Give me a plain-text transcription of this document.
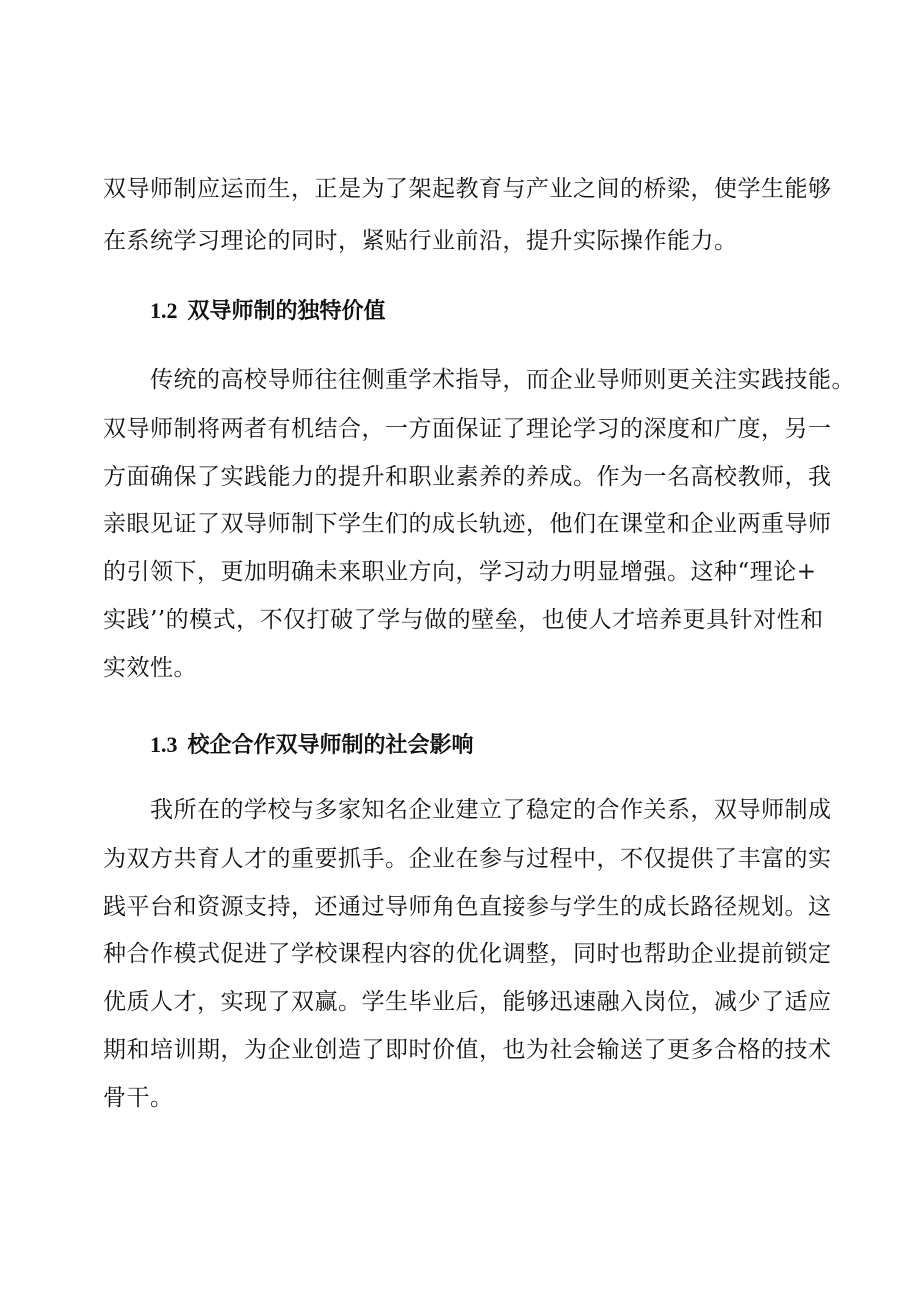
双导师制应运而生，正是为了架起教育与产业之间的桥梁，使学生能够

在系统学习理论的同时，紧贴行业前沿，提升实际操作能力。

1.2 双导师制的独特价值

传统的高校导师往往侧重学术指导，而企业导师则更关注实践技能。

双导师制将两者有机结合，一方面保证了理论学习的深度和广度，另一

方面确保了实践能力的提升和职业素养的养成。作为一名高校教师，我

亲眼见证了双导师制下学生们的成长轨迹，他们在课堂和企业两重导师

的引领下，更加明确未来职业方向，学习动力明显增强。这种“理论+

实践’’的模式，不仅打破了学与做的壁垒，也使人才培养更具针对性和

实效性。

1.3 校企合作双导师制的社会影响

我所在的学校与多家知名企业建立了稳定的合作关系，双导师制成

为双方共育人才的重要抓手。企业在参与过程中，不仅提供了丰富的实

践平台和资源支持，还通过导师角色直接参与学生的成长路径规划。这

种合作模式促进了学校课程内容的优化调整，同时也帮助企业提前锁定

优质人才，实现了双赢。学生毕业后，能够迅速融入岗位，减少了适应

期和培训期，为企业创造了即时价值，也为社会输送了更多合格的技术

骨干。
